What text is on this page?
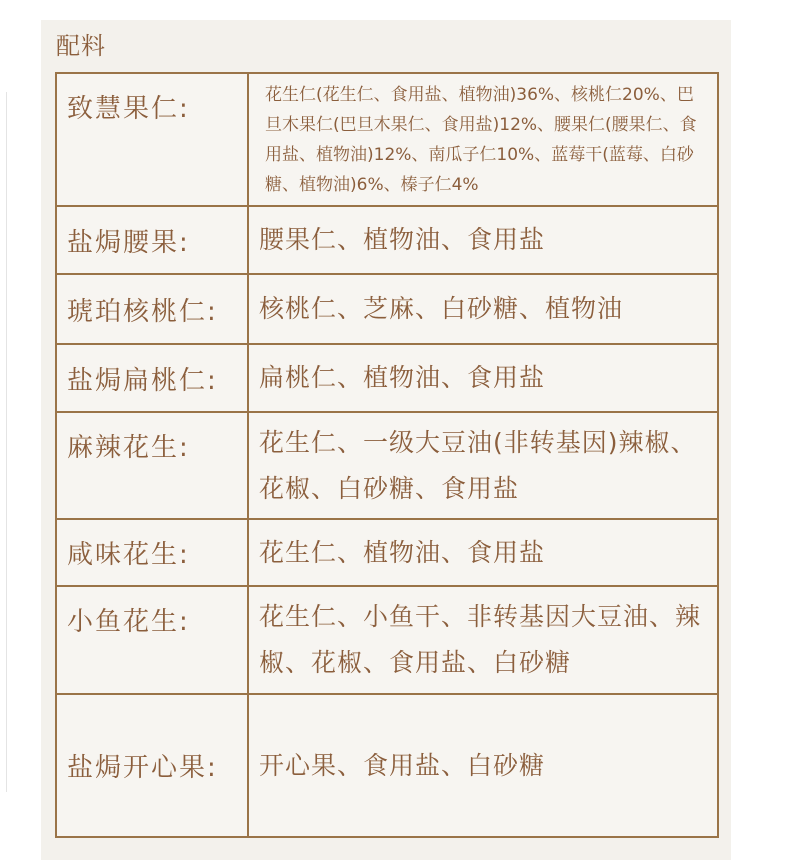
配料
致慧果仁:	花生仁(花生仁、食用盐、植物油)36%、核桃仁20%、巴旦木果仁(巴旦木果仁、食用盐)12%、腰果仁(腰果仁、食用盐、植物油)12%、南瓜子仁10%、蓝莓干(蓝莓、白砂糖、植物油)6%、榛子仁4%

盐焗腰果:	腰果仁、植物油、食用盐
琥珀核桃仁:	核桃仁、芝麻、白砂糖、植物油
盐焗扁桃仁:	扁桃仁、植物油、食用盐
麻辣花生:	花生仁、一级大豆油(非转基因)辣椒、花椒、白砂糖、食用盐

咸味花生:	花生仁、植物油、食用盐
小鱼花生:	花生仁、小鱼干、非转基因大豆油、辣椒、花椒、食用盐、白砂糖

盐焗开心果:	开心果、食用盐、白砂糖
